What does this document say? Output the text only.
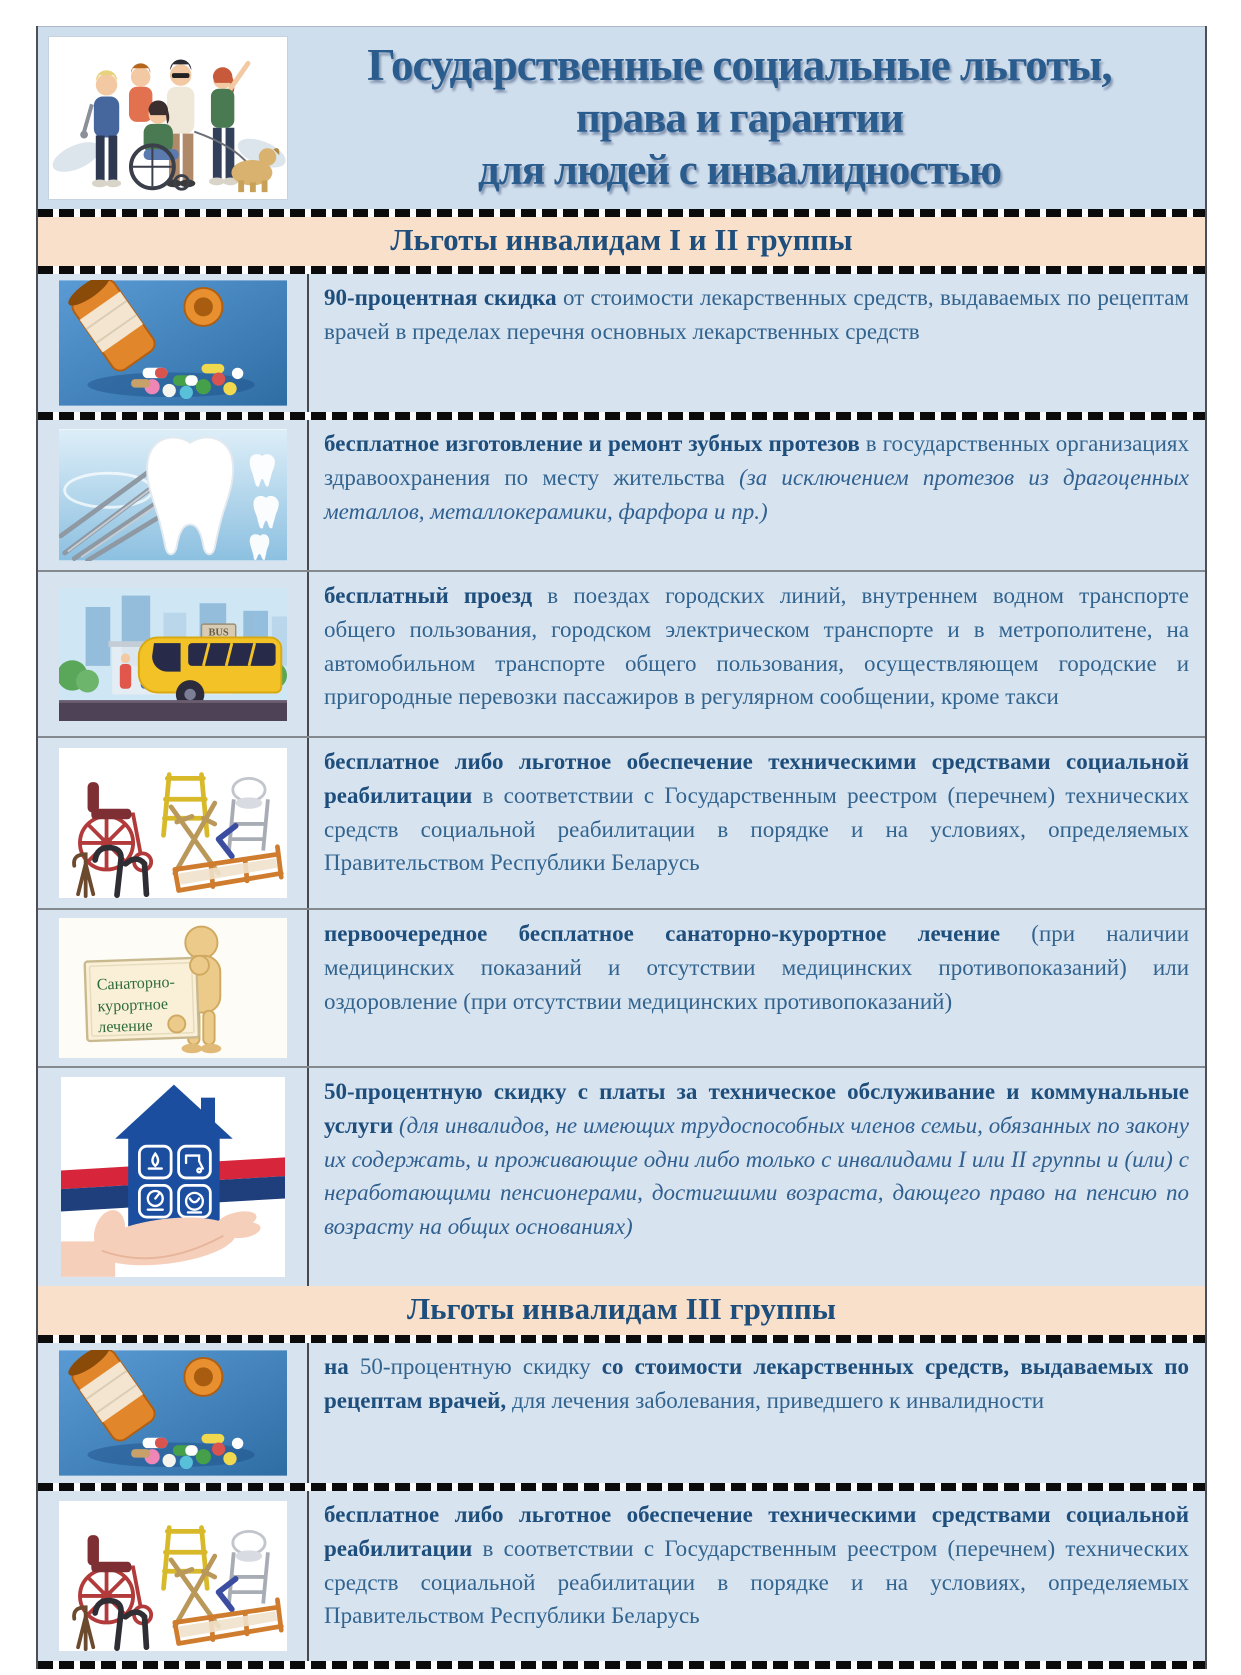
Государственные социальные льготы,
права и гарантии
для людей с инвалидностью
Льготы инвалидам I и II группы
90-процентная скидка от стоимости лекарственных средств, выдаваемых по рецептам врачей в пределах перечня основных лекарственных средств
бесплатное изготовление и ремонт зубных протезов в государственных организациях здравоохранения по месту жительства (за исключением протезов из драгоценных металлов, металлокерамики, фарфора и пр.)
бесплатный проезд в поездах городских линий, внутреннем водном транспорте общего пользования, городском электрическом транспорте и в метрополитене, на автомобильном транспорте общего пользования, осуществляющем городские и пригородные перевозки пассажиров в регулярном сообщении, кроме такси
бесплатное либо льготное обеспечение техническими средствами социальной реабилитации в соответствии с Государственным реестром (перечнем) технических средств социальной реабилитации в порядке и на условиях, определяемых Правительством Республики Беларусь
первоочередное бесплатное санаторно-курортное лечение (при наличии медицинских показаний и отсутствии медицинских противопоказаний) или оздоровление (при отсутствии медицинских противопоказаний)
50-процентную скидку с платы за техническое обслуживание и коммунальные услуги (для инвалидов, не имеющих трудоспособных членов семьи, обязанных по закону их содержать, и проживающие одни либо только с инвалидами I или II группы и (или) с неработающими пенсионерами, достигшими возраста, дающего право на пенсию по возрасту на общих основаниях)
Льготы инвалидам III группы
на 50-процентную скидку со стоимости лекарственных средств, выдаваемых по рецептам врачей, для лечения заболевания, приведшего к инвалидности
бесплатное либо льготное обеспечение техническими средствами социальной реабилитации в соответствии с Государственным реестром (перечнем) технических средств социальной реабилитации в порядке и на условиях, определяемых Правительством Республики Беларусь
